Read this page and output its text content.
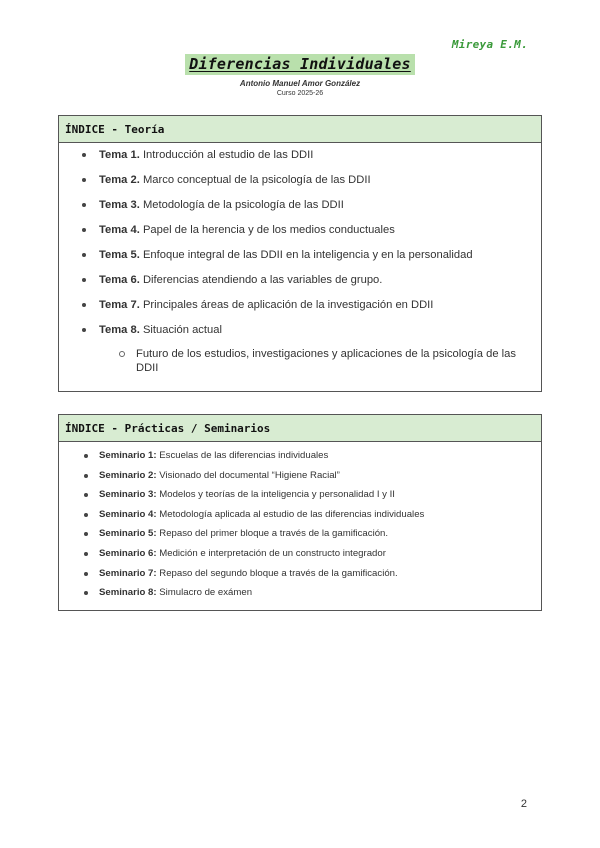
Mireya E.M.
Diferencias Individuales
Antonio Manuel Amor González
Curso 2025-26
ÍNDICE - Teoría
Tema 1. Introducción al estudio de las DDII
Tema 2. Marco conceptual de la psicología de las DDII
Tema 3. Metodología de la psicología de las DDII
Tema 4. Papel de la herencia y de los medios conductuales
Tema 5. Enfoque integral de las DDII en la inteligencia y en la personalidad
Tema 6. Diferencias atendiendo a las variables de grupo.
Tema 7. Principales áreas de aplicación de la investigación en DDII
Tema 8. Situación actual
Futuro de los estudios, investigaciones y aplicaciones de la psicología de las DDII
ÍNDICE - Prácticas / Seminarios
Seminario 1: Escuelas de las diferencias individuales
Seminario 2: Visionado del documental “Higiene Racial”
Seminario 3: Modelos y teorías de la inteligencia y personalidad I y II
Seminario 4: Metodología aplicada al estudio de las diferencias individuales
Seminario 5: Repaso del primer bloque a través de la gamificación.
Seminario 6: Medición e interpretación de un constructo integrador
Seminario 7: Repaso del segundo bloque a través de la gamificación.
Seminario 8: Simulacro de exámen
2
